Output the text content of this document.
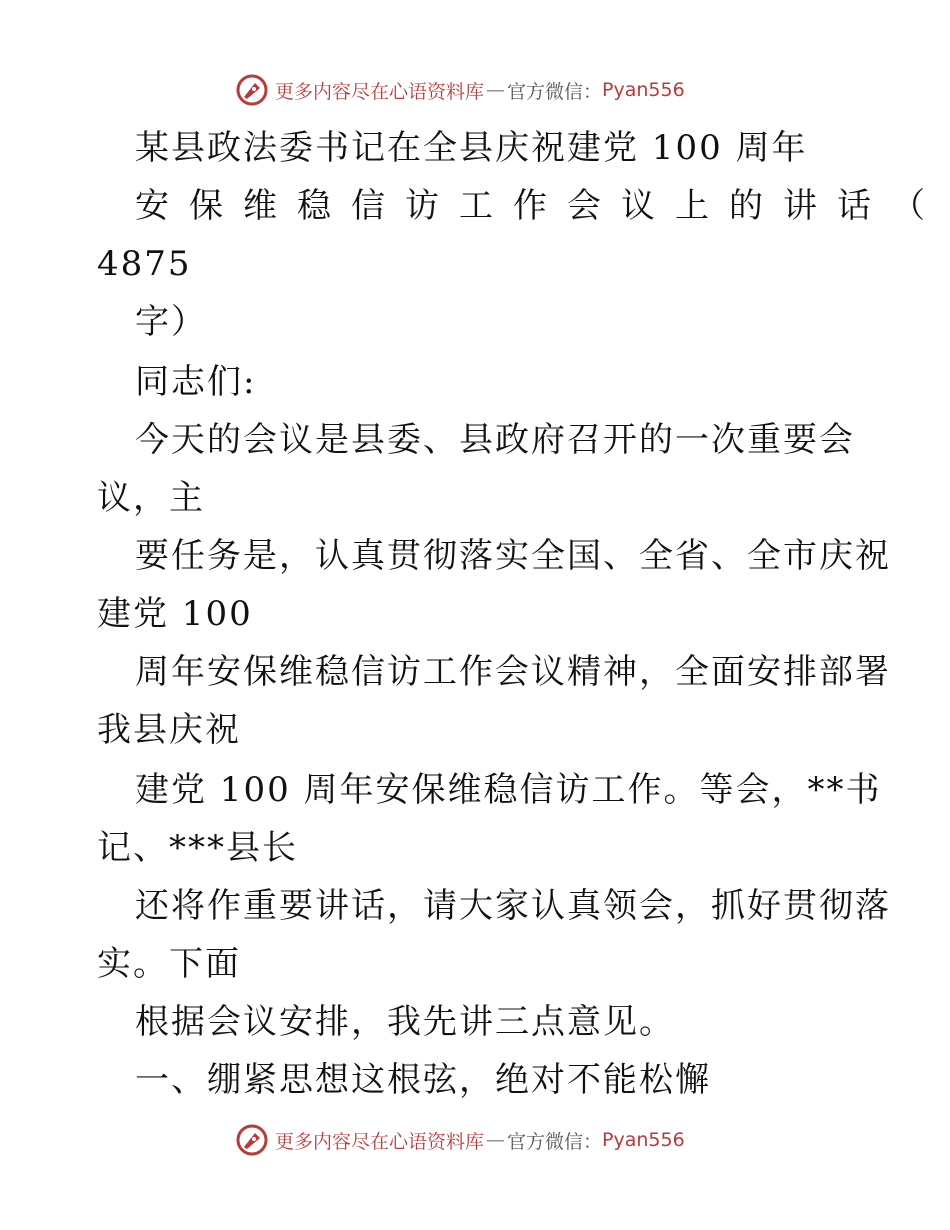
更多内容尽在心语资料库 — 官方微信： Pyan556
某县政法委书记在全县庆祝建党 100 周年
安保维稳信访工作会议上的讲话（
4875
字）
同志们:
今天的会议是县委、县政府召开的一次重要会
议，主
要任务是，认真贯彻落实全国、全省、全市庆祝
建党 100
周年安保维稳信访工作会议精神，全面安排部署
我县庆祝
建党 100 周年安保维稳信访工作。等会，**书
记、***县长
还将作重要讲话，请大家认真领会，抓好贯彻落
实。下面
根据会议安排，我先讲三点意见。
一、绷紧思想这根弦，绝对不能松懈
更多内容尽在心语资料库 — 官方微信： Pyan556
